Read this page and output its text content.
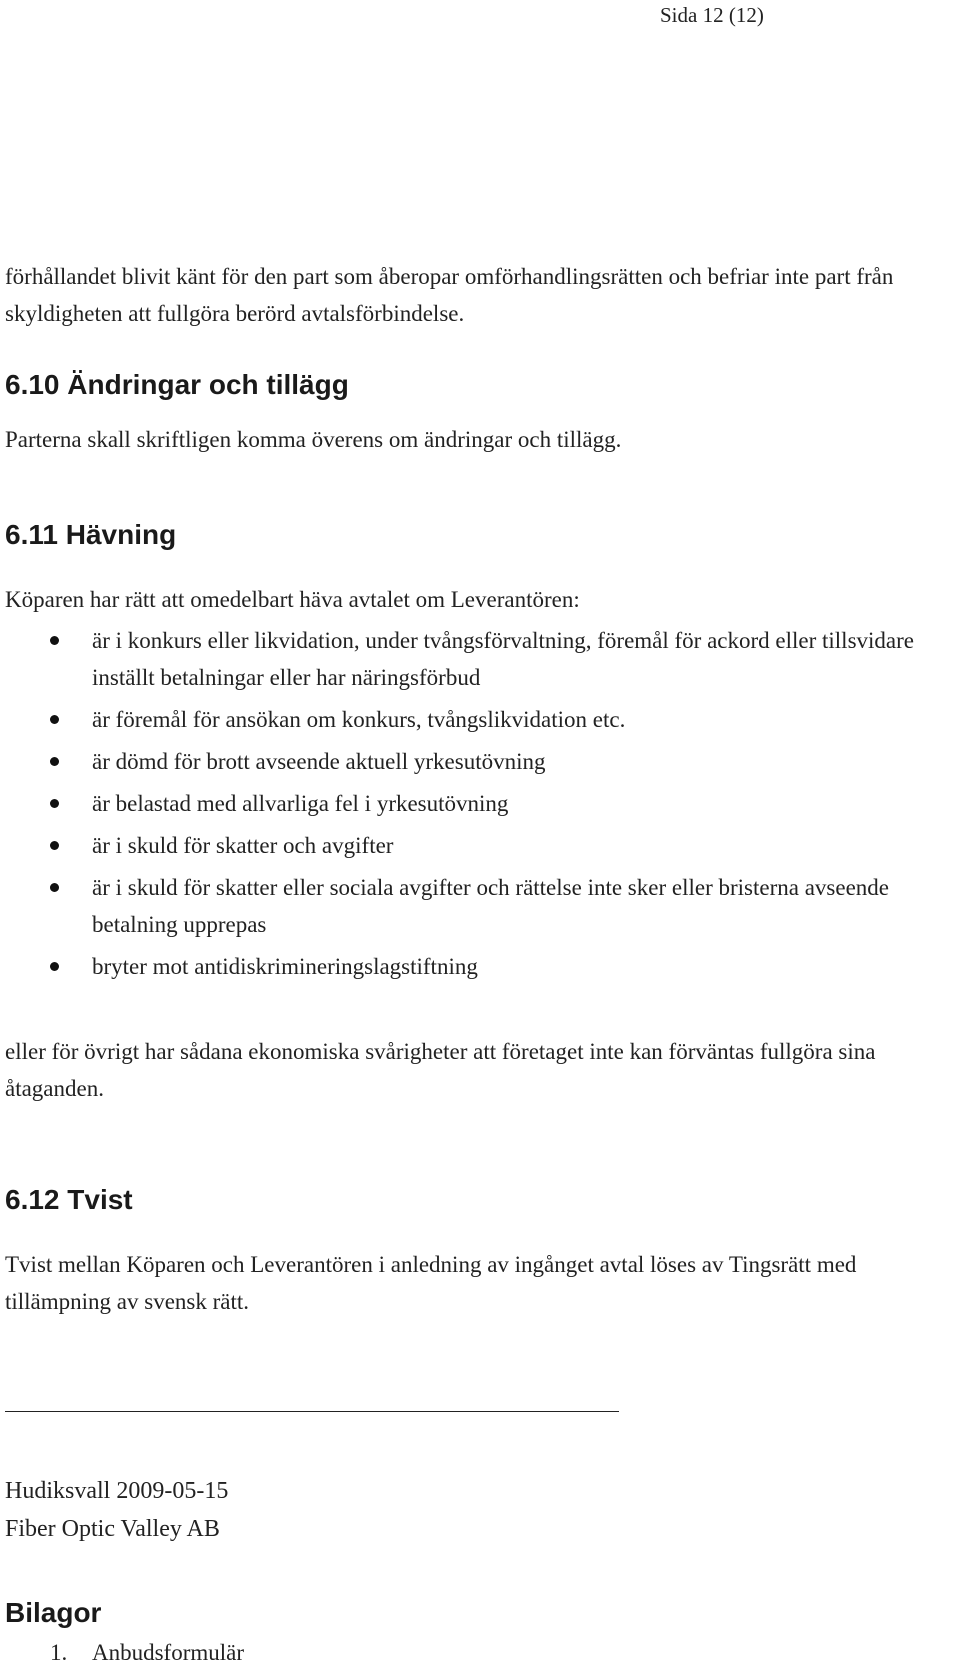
Sida 12 (12)

förhållandet blivit känt för den part som åberopar omförhandlingsrätten och befriar inte part från skyldigheten att fullgöra berörd avtalsförbindelse.

6.10 Ändringar och tillägg

Parterna skall skriftligen komma överens om ändringar och tillägg.

6.11 Hävning

Köparen har rätt att omedelbart häva avtalet om Leverantören:

är i konkurs eller likvidation, under tvångsförvaltning, föremål för ackord eller tillsvidare inställt betalningar eller har näringsförbud
är föremål för ansökan om konkurs, tvångslikvidation etc.
är dömd för brott avseende aktuell yrkesutövning
är belastad med allvarliga fel i yrkesutövning
är i skuld för skatter och avgifter
är i skuld för skatter eller sociala avgifter och rättelse inte sker eller bristerna avseende betalning upprepas
bryter mot antidiskrimineringslagstiftning

eller för övrigt har sådana ekonomiska svårigheter att företaget inte kan förväntas fullgöra sina åtaganden.

6.12 Tvist

Tvist mellan Köparen och Leverantören i anledning av ingånget avtal löses av Tingsrätt med tillämpning av svensk rätt.

Hudiksvall 2009-05-15
Fiber Optic Valley AB
Bilagor
1. Anbudsformulär
